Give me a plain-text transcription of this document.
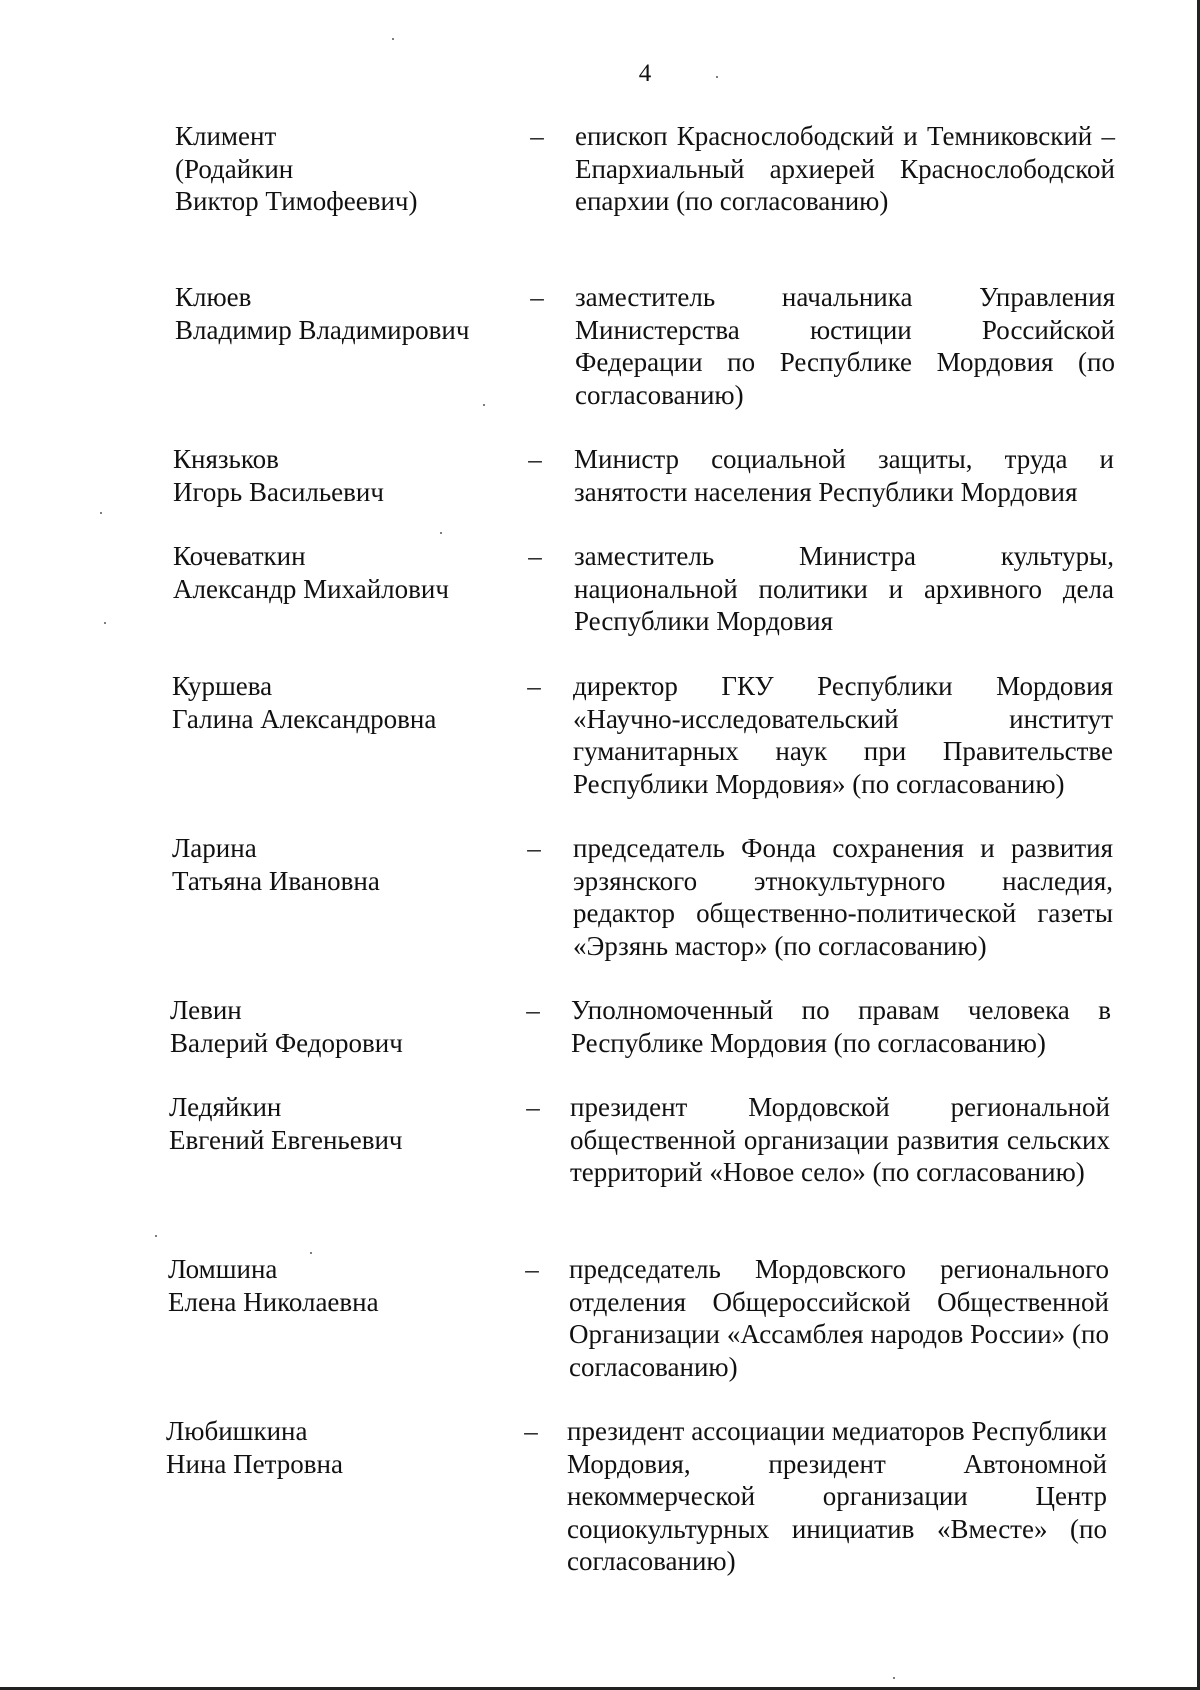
4
Климент
(Родайкин
Виктор Тимофеевич)
–	епископ Краснослободский и Темниковский – Епархиальный архиерей Краснослободской епархии (по согласованию)
Клюев
Владимир Владимирович
–	заместитель начальника Управления Министерства юстиции Российской Федерации по Республике Мордовия (по согласованию)
Князьков
Игорь Васильевич
–	Министр социальной защиты, труда и занятости населения Республики Мордовия
Кочеваткин
Александр Михайлович
–	заместитель Министра культуры, национальной политики и архивного дела Республики Мордовия
Куршева
Галина Александровна
–	директор ГКУ Республики Мордовия «Научно-исследовательский институт гуманитарных наук при Правительстве Республики Мордовия» (по согласованию)
Ларина
Татьяна Ивановна
–	председатель Фонда сохранения и развития эрзянского этнокультурного наследия, редактор общественно-политической газеты «Эрзянь мастор» (по согласованию)
Левин
Валерий Федорович
–	Уполномоченный по правам человека в Республике Мордовия (по согласованию)
Ледяйкин
Евгений Евгеньевич
–	президент Мордовской региональной общественной организации развития сельских территорий «Новое село» (по согласованию)
Ломшина
Елена Николаевна
–	председатель Мордовского регионального отделения Общероссийской Общественной Организации «Ассамблея народов России» (по согласованию)
Любишкина
Нина Петровна
–	президент ассоциации медиаторов Республики Мордовия, президент Автономной некоммерческой организации Центр социокультурных инициатив «Вместе» (по согласованию)
